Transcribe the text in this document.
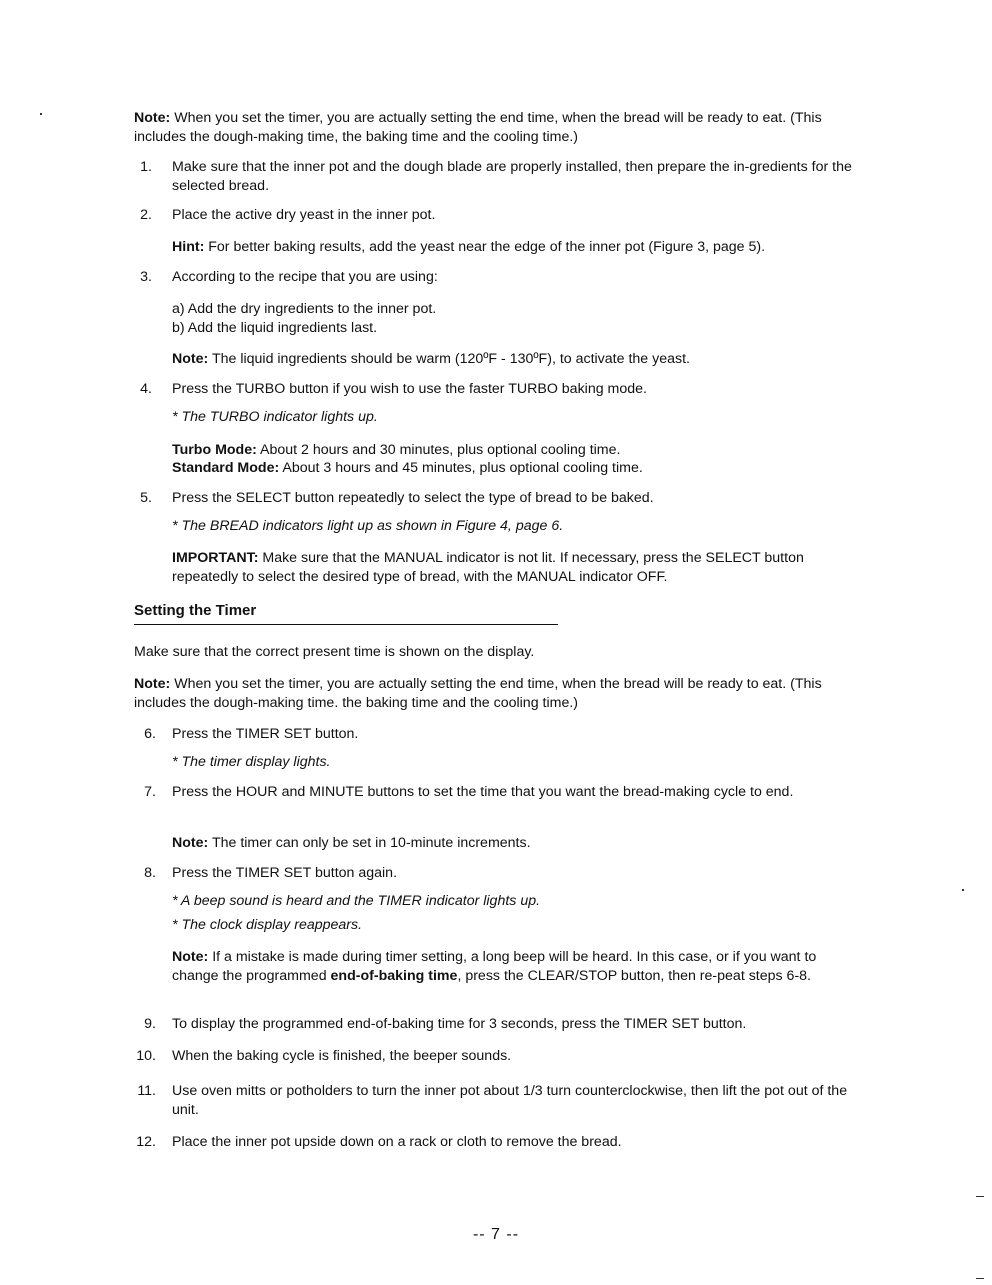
Note: When you set the timer, you are actually setting the end time, when the bread will be ready to eat. (This includes the dough-making time, the baking time and the cooling time.)
1. Make sure that the inner pot and the dough blade are properly installed, then prepare the in-gredients for the selected bread.
2. Place the active dry yeast in the inner pot.
Hint: For better baking results, add the yeast near the edge of the inner pot (Figure 3, page 5).
3. According to the recipe that you are using:
a) Add the dry ingredients to the inner pot.
b) Add the liquid ingredients last.
Note: The liquid ingredients should be warm (120ºF - 130ºF), to activate the yeast.
4. Press the TURBO button if you wish to use the faster TURBO baking mode.
* The TURBO indicator lights up.
Turbo Mode: About 2 hours and 30 minutes, plus optional cooling time.
Standard Mode: About 3 hours and 45 minutes, plus optional cooling time.
5. Press the SELECT button repeatedly to select the type of bread to be baked.
* The BREAD indicators light up as shown in Figure 4, page 6.
IMPORTANT: Make sure that the MANUAL indicator is not lit. If necessary, press the SELECT button repeatedly to select the desired type of bread, with the MANUAL indicator OFF.
Setting the Timer
Make sure that the correct present time is shown on the display.
Note: When you set the timer, you are actually setting the end time, when the bread will be ready to eat. (This includes the dough-making time. the baking time and the cooling time.)
6. Press the TIMER SET button.
* The timer display lights.
7. Press the HOUR and MINUTE buttons to set the time that you want the bread-making cycle to end.
Note: The timer can only be set in 10-minute increments.
8. Press the TIMER SET button again.
* A beep sound is heard and the TIMER indicator lights up.
* The clock display reappears.
Note: If a mistake is made during timer setting, a long beep will be heard. In this case, or if you want to change the programmed end-of-baking time, press the CLEAR/STOP button, then re-peat steps 6-8.
9. To display the programmed end-of-baking time for 3 seconds, press the TIMER SET button.
10. When the baking cycle is finished, the beeper sounds.
11. Use oven mitts or potholders to turn the inner pot about 1/3 turn counterclockwise, then lift the pot out of the unit.
12. Place the inner pot upside down on a rack or cloth to remove the bread.
-- 7 --
